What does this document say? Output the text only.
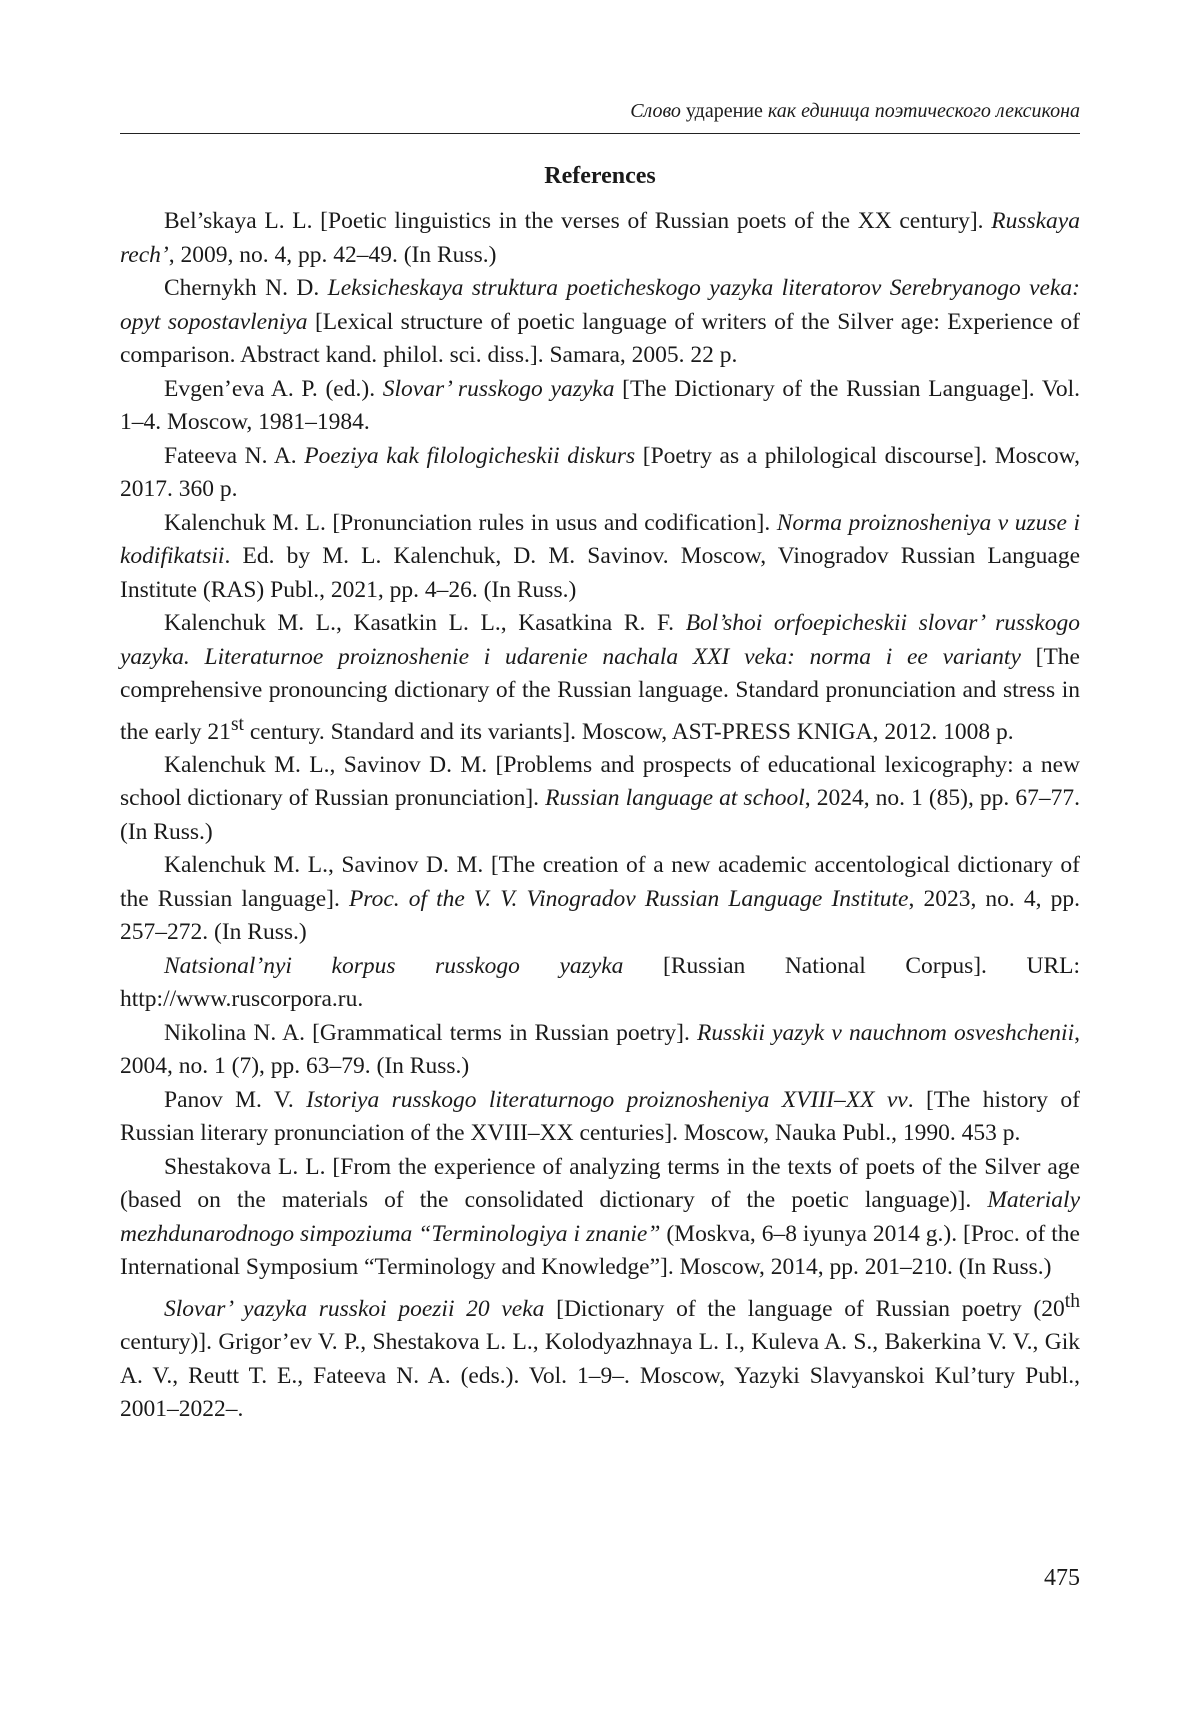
Слово ударение как единица поэтического лексикона
References

Bel’skaya L. L. [Poetic linguistics in the verses of Russian poets of the XX century]. Russkaya rech’, 2009, no. 4, pp. 42–49. (In Russ.)

Chernykh N. D. Leksicheskaya struktura poeticheskogo yazyka literatorov Serebryanogo veka: opyt sopostavleniya [Lexical structure of poetic language of writers of the Silver age: Experience of comparison. Abstract kand. philol. sci. diss.]. Samara, 2005. 22 p.

Evgen’eva A. P. (ed.). Slovar’ russkogo yazyka [The Dictionary of the Russian Language]. Vol. 1–4. Moscow, 1981–1984.

Fateeva N. A. Poeziya kak filologicheskii diskurs [Poetry as a philological discourse]. Moscow, 2017. 360 p.

Kalenchuk M. L. [Pronunciation rules in usus and codification]. Norma proiznosheniya v uzuse i kodifikatsii. Ed. by M. L. Kalenchuk, D. M. Savinov. Moscow, Vinogradov Russian Language Institute (RAS) Publ., 2021, pp. 4–26. (In Russ.)

Kalenchuk M. L., Kasatkin L. L., Kasatkina R. F. Bol’shoi orfoepicheskii slovar’ russkogo yazyka. Literaturnoe proiznoshenie i udarenie nachala XXI veka: norma i ee varianty [The comprehensive pronouncing dictionary of the Russian language. Standard pronunciation and stress in the early 21st century. Standard and its variants]. Moscow, AST-PRESS KNIGA, 2012. 1008 p.

Kalenchuk M. L., Savinov D. M. [Problems and prospects of educational lexicography: a new school dictionary of Russian pronunciation]. Russian language at school, 2024, no. 1 (85), pp. 67–77. (In Russ.)

Kalenchuk M. L., Savinov D. M. [The creation of a new academic accentological dictionary of the Russian language]. Proc. of the V. V. Vinogradov Russian Language Institute, 2023, no. 4, pp. 257–272. (In Russ.)

Natsional’nyi korpus russkogo yazyka [Russian National Corpus]. URL: http://www.ruscorpora.ru.

Nikolina N. A. [Grammatical terms in Russian poetry]. Russkii yazyk v nauchnom osveshchenii, 2004, no. 1 (7), pp. 63–79. (In Russ.)

Panov M. V. Istoriya russkogo literaturnogo proiznosheniya XVIII–XX vv. [The history of Russian literary pronunciation of the XVIII–XX centuries]. Moscow, Nauka Publ., 1990. 453 p.

Shestakova L. L. [From the experience of analyzing terms in the texts of poets of the Silver age (based on the materials of the consolidated dictionary of the poetic language)]. Materialy mezhdunarodnogo simpoziuma “Terminologiya i znanie” (Moskva, 6–8 iyunya 2014 g.). [Proc. of the International Symposium “Terminology and Knowledge”]. Moscow, 2014, pp. 201–210. (In Russ.)

Slovar’ yazyka russkoi poezii 20 veka [Dictionary of the language of Russian poetry (20th century)]. Grigor’ev V. P., Shestakova L. L., Kolodyazhnaya L. I., Kuleva A. S., Bakerkina V. V., Gik A. V., Reutt T. E., Fateeva N. A. (eds.). Vol. 1–9–. Moscow, Yazyki Slavyanskoi Kul’tury Publ., 2001–2022–.

475
